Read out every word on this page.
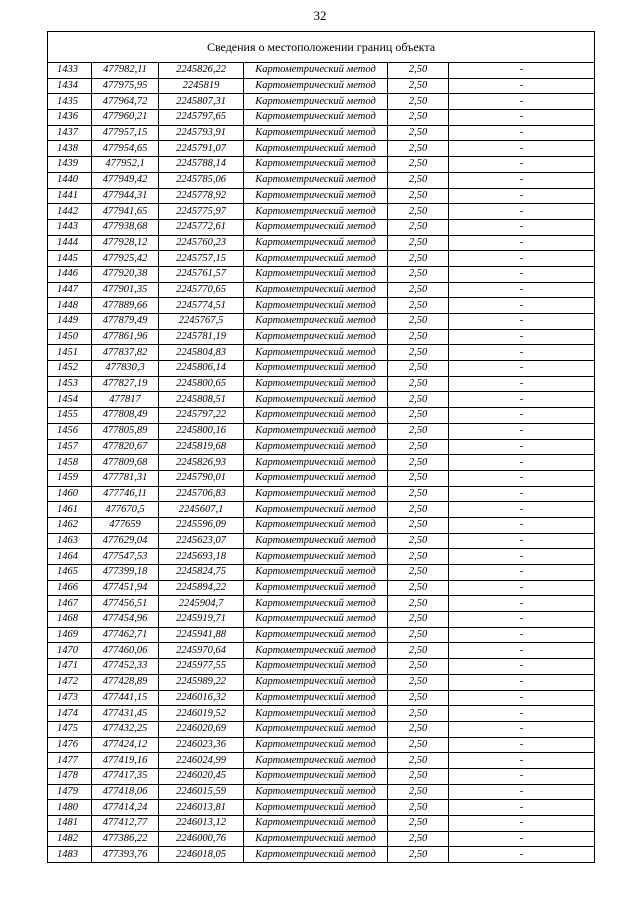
32
Сведения о местоположении границ объекта					
1433	477982,11	2245826,22	Картометрический метод	2,50	-
1434	477975,95	2245819	Картометрический метод	2,50	-
1435	477964,72	2245807,31	Картометрический метод	2,50	-
1436	477960,21	2245797,65	Картометрический метод	2,50	-
1437	477957,15	2245793,91	Картометрический метод	2,50	-
1438	477954,65	2245791,07	Картометрический метод	2,50	-
1439	477952,1	2245788,14	Картометрический метод	2,50	-
1440	477949,42	2245785,06	Картометрический метод	2,50	-
1441	477944,31	2245778,92	Картометрический метод	2,50	-
1442	477941,65	2245775,97	Картометрический метод	2,50	-
1443	477938,68	2245772,61	Картометрический метод	2,50	-
1444	477928,12	2245760,23	Картометрический метод	2,50	-
1445	477925,42	2245757,15	Картометрический метод	2,50	-
1446	477920,38	2245761,57	Картометрический метод	2,50	-
1447	477901,35	2245770,65	Картометрический метод	2,50	-
1448	477889,66	2245774,51	Картометрический метод	2,50	-
1449	477879,49	2245767,5	Картометрический метод	2,50	-
1450	477861,96	2245781,19	Картометрический метод	2,50	-
1451	477837,82	2245804,83	Картометрический метод	2,50	-
1452	477830,3	2245806,14	Картометрический метод	2,50	-
1453	477827,19	2245800,65	Картометрический метод	2,50	-
1454	477817	2245808,51	Картометрический метод	2,50	-
1455	477808,49	2245797,22	Картометрический метод	2,50	-
1456	477805,89	2245800,16	Картометрический метод	2,50	-
1457	477820,67	2245819,68	Картометрический метод	2,50	-
1458	477809,68	2245826,93	Картометрический метод	2,50	-
1459	477781,31	2245790,01	Картометрический метод	2,50	-
1460	477746,11	2245706,83	Картометрический метод	2,50	-
1461	477670,5	2245607,1	Картометрический метод	2,50	-
1462	477659	2245596,09	Картометрический метод	2,50	-
1463	477629,04	2245623,07	Картометрический метод	2,50	-
1464	477547,53	2245693,18	Картометрический метод	2,50	-
1465	477399,18	2245824,75	Картометрический метод	2,50	-
1466	477451,94	2245894,22	Картометрический метод	2,50	-
1467	477456,51	2245904,7	Картометрический метод	2,50	-
1468	477454,96	2245919,71	Картометрический метод	2,50	-
1469	477462,71	2245941,88	Картометрический метод	2,50	-
1470	477460,06	2245970,64	Картометрический метод	2,50	-
1471	477452,33	2245977,55	Картометрический метод	2,50	-
1472	477428,89	2245989,22	Картометрический метод	2,50	-
1473	477441,15	2246016,32	Картометрический метод	2,50	-
1474	477431,45	2246019,52	Картометрический метод	2,50	-
1475	477432,25	2246020,69	Картометрический метод	2,50	-
1476	477424,12	2246023,36	Картометрический метод	2,50	-
1477	477419,16	2246024,99	Картометрический метод	2,50	-
1478	477417,35	2246020,45	Картометрический метод	2,50	-
1479	477418,06	2246015,59	Картометрический метод	2,50	-
1480	477414,24	2246013,81	Картометрический метод	2,50	-
1481	477412,77	2246013,12	Картометрический метод	2,50	-
1482	477386,22	2246000,76	Картометрический метод	2,50	-
1483	477393,76	2246018,05	Картометрический метод	2,50	-
